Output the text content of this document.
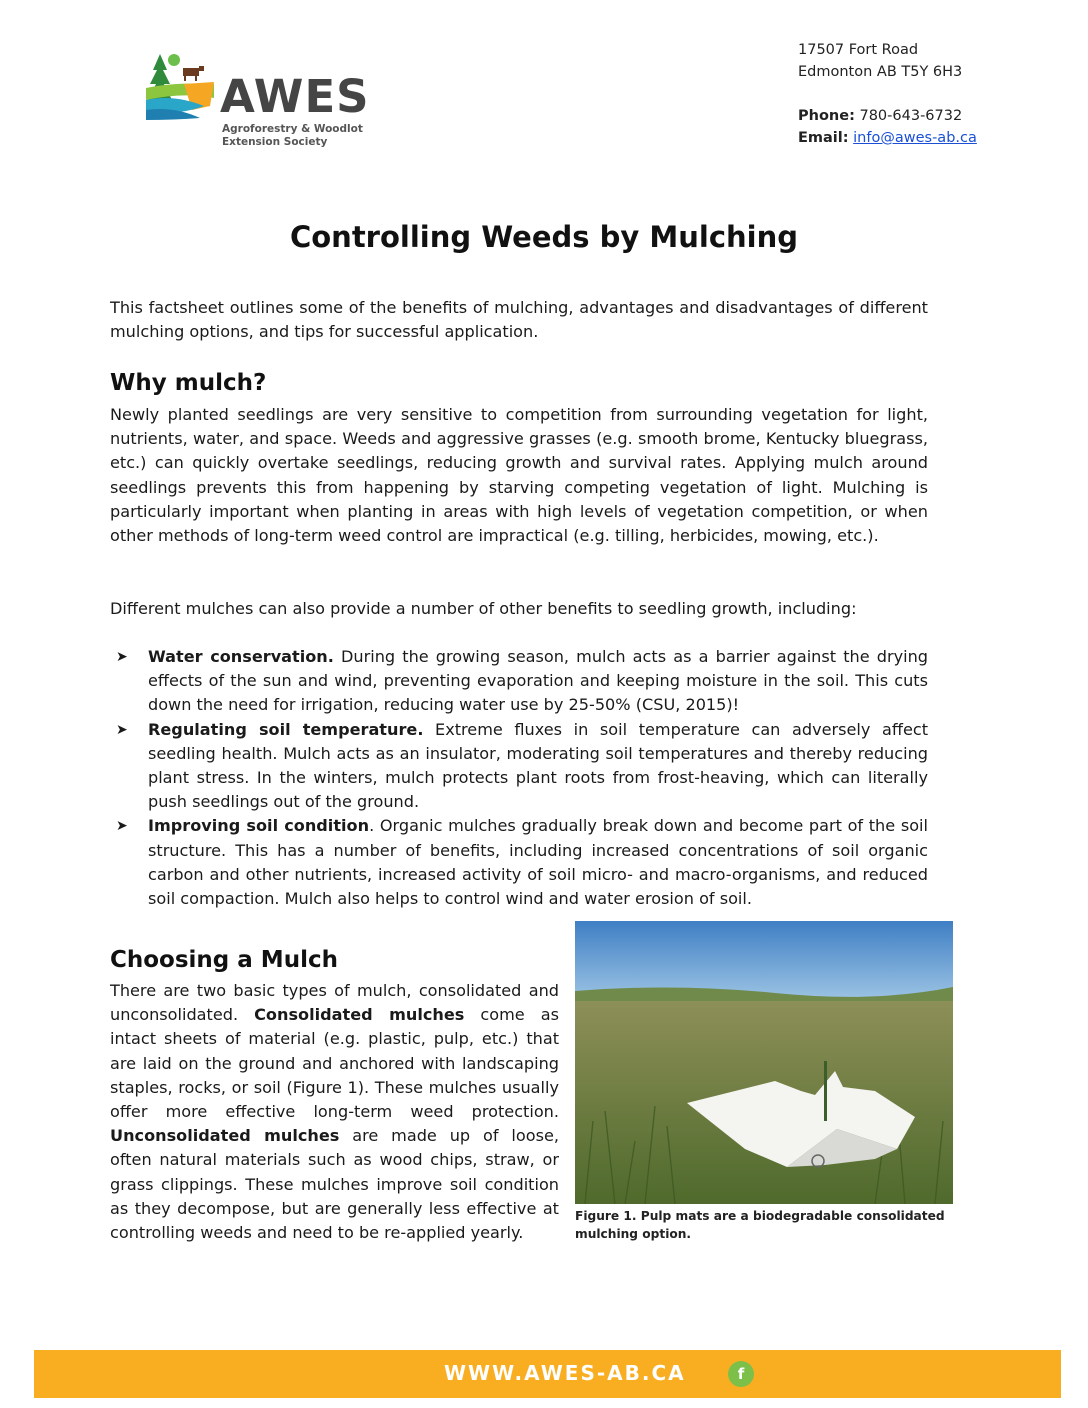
AWES
Agroforestry & Woodlot
Extension Society
17507 Fort Road
Edmonton AB T5Y 6H3
Phone: 780-643-6732
Email: info@awes-ab.ca
Controlling Weeds by Mulching
This factsheet outlines some of the benefits of mulching, advantages and disadvantages of different mulching options, and tips for successful application.
Why mulch?
Newly planted seedlings are very sensitive to competition from surrounding vegetation for light, nutrients, water, and space. Weeds and aggressive grasses (e.g. smooth brome, Kentucky bluegrass, etc.) can quickly overtake seedlings, reducing growth and survival rates. Applying mulch around seedlings prevents this from happening by starving competing vegetation of light. Mulching is particularly important when planting in areas with high levels of vegetation competition, or when other methods of long-term weed control are impractical (e.g. tilling, herbicides, mowing, etc.).
Different mulches can also provide a number of other benefits to seedling growth, including:
➤ Water conservation. During the growing season, mulch acts as a barrier against the drying effects of the sun and wind, preventing evaporation and keeping moisture in the soil. This cuts down the need for irrigation, reducing water use by 25-50% (CSU, 2015)!
➤ Regulating soil temperature. Extreme fluxes in soil temperature can adversely affect seedling health. Mulch acts as an insulator, moderating soil temperatures and thereby reducing plant stress. In the winters, mulch protects plant roots from frost-heaving, which can literally push seedlings out of the ground.
➤ Improving soil condition. Organic mulches gradually break down and become part of the soil structure. This has a number of benefits, including increased concentrations of soil organic carbon and other nutrients, increased activity of soil micro- and macro-organisms, and reduced soil compaction. Mulch also helps to control wind and water erosion of soil.
Choosing a Mulch

There are two basic types of mulch, consolidated and unconsolidated. Consolidated mulches come as intact sheets of material (e.g. plastic, pulp, etc.) that are laid on the ground and anchored with landscaping staples, rocks, or soil (Figure 1). These mulches usually offer more effective long-term weed protection. Unconsolidated mulches are made up of loose, often natural materials such as wood chips, straw, or grass clippings. These mulches improve soil condition as they decompose, but are generally less effective at controlling weeds and need to be re-applied yearly.

Figure 1. Pulp mats are a biodegradable consolidated mulching option.
WWW.AWES-AB.CA	f
